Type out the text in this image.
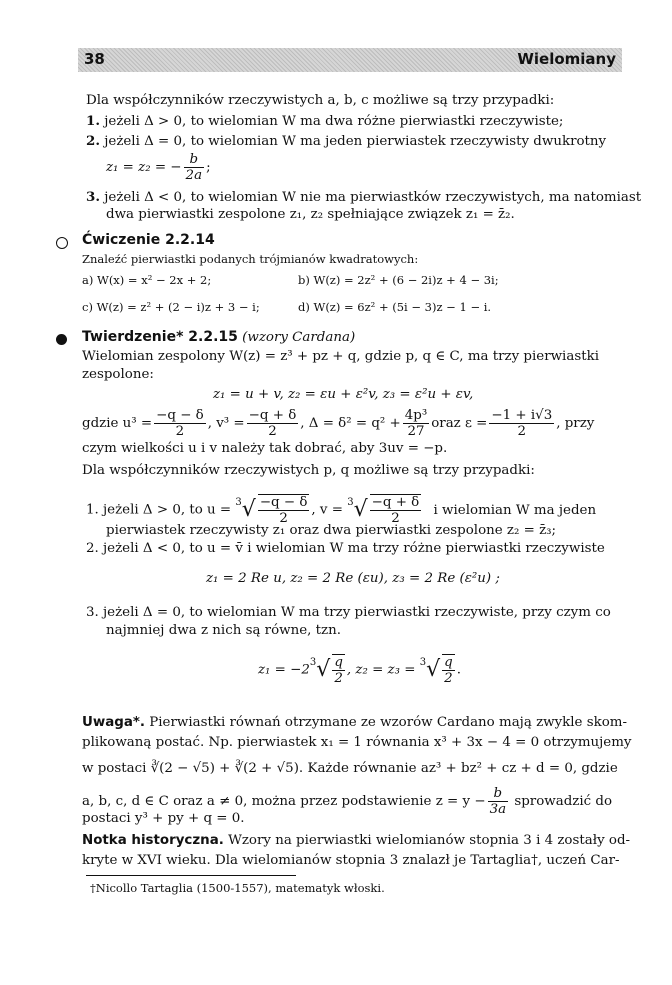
38	Wielomiany
Dla współczynników rzeczywistych a, b, c możliwe są trzy przypadki:
1. jeżeli Δ > 0, to wielomian W ma dwa różne pierwiastki rzeczywiste;
2. jeżeli Δ = 0, to wielomian W ma jeden pierwiastek rzeczywisty dwukrotny
z₁ = z₂ = − $\frac{b}{2a}$ ;
3. jeżeli Δ < 0, to wielomian W nie ma pierwiastków rzeczywistych, ma natomiast
dwa pierwiastki zespolone z₁, z₂ spełniające związek z₁ = z̄₂.
Ćwiczenie 2.2.14
Znaleźć pierwiastki podanych trójmianów kwadratowych:
a) W(x) = x² − 2x + 2;	b) W(z) = 2z² + (6 − 2i)z + 4 − 3i;
c) W(z) = z² + (2 − i)z + 3 − i;	d) W(z) = 6z² + (5i − 3)z − 1 − i.
Twierdzenie* 2.2.15 (wzory Cardana)
Wielomian zespolony W(z) = z³ + pz + q, gdzie p, q ∈ C, ma trzy pierwiastki
zespolone:
z₁ = u + v, z₂ = εu + ε²v, z₃ = ε²u + εv,
gdzie $u^3 = \frac{-q - \delta}{2}$ , $v^3 = \frac{-q + \delta}{2}$ , $\Delta = \delta^2 = q^2 + \frac{\text{4p³}}{27}$ oraz $\varepsilon = \frac{-1 + i√3}{2}$ , przy
czym wielkości u i v należy tak dobrać, aby 3uv = −p.
Dla współczynników rzeczywistych p, q możliwe są trzy przypadki:
1. jeżeli Δ > 0, to $u = ^3√ \frac{-q - \delta}{2}$ , $v = ^3√ \frac{-q + \delta}{2}$ i wielomian W ma jeden
pierwiastek rzeczywisty z₁ oraz dwa pierwiastki zespolone z₂ = z̄₃;
2. jeżeli Δ < 0, to u = v̄ i wielomian W ma trzy różne pierwiastki rzeczywiste
z₁ = 2 Re u, z₂ = 2 Re (εu), z₃ = 2 Re (ε²u) ;
3. jeżeli Δ = 0, to wielomian W ma trzy pierwiastki rzeczywiste, przy czym co
najmniej dwa z nich są równe, tzn.
$z_1 = -2^3√ \frac{q}{2}$ , $z_2 = z_3 = ^3√ \frac{q}{2}$ .
Uwaga*. Pierwiastki równań otrzymane ze wzorów Cardano mają zwykle skom-
plikowaną postać. Np. pierwiastek x₁ = 1 równania x³ + 3x − 4 = 0 otrzymujemy
w postaci ∛(2 − √5) + ∛(2 + √5). Każde równanie az³ + bz² + cz + d = 0, gdzie
a, b, c, d ∈ C oraz a ≠ 0, można przez podstawienie $z = y - \frac{b}{3a}$ sprowadzić do
postaci y³ + py + q = 0.
Notka historyczna. Wzory na pierwiastki wielomianów stopnia 3 i 4 zostały od-
kryte w XVI wieku. Dla wielomianów stopnia 3 znalazł je Tartaglia†, uczeń Car-
†Nicollo Tartaglia (1500-1557), matematyk włoski.
